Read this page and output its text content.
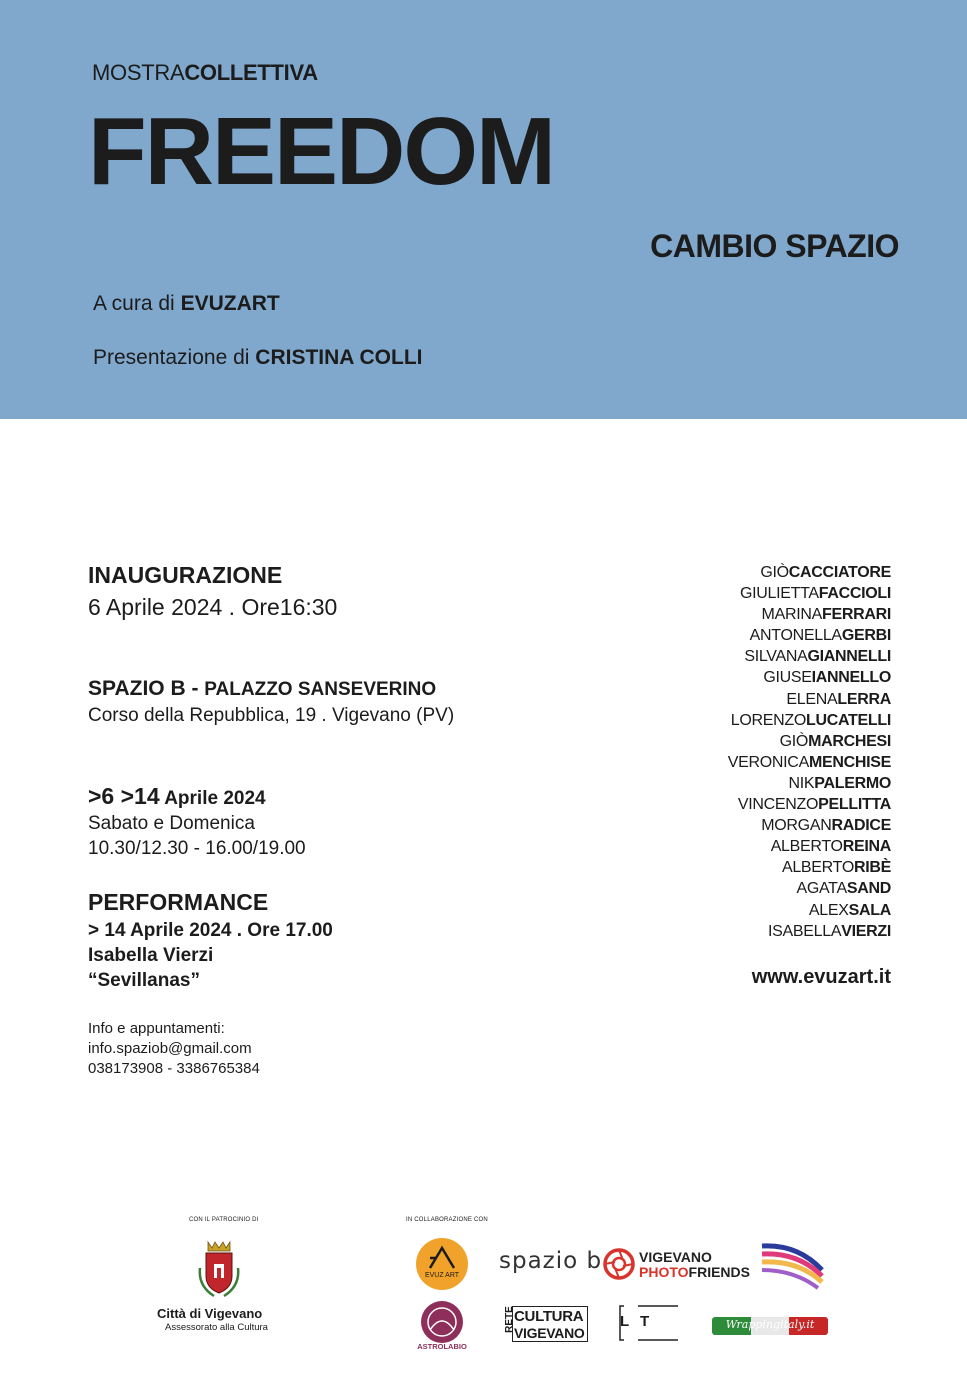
MOSTRACOLLETTIVA
FREEDOM
CAMBIO SPAZIO
A cura di EVUZART
Presentazione di CRISTINA COLLI
INAUGURAZIONE
6 Aprile 2024 . Ore16:30
SPAZIO B - PALAZZO SANSEVERINO
Corso della Repubblica, 19 . Vigevano (PV)
>6 >14 Aprile 2024
Sabato e Domenica
10.30/12.30 - 16.00/19.00
PERFORMANCE
> 14 Aprile 2024 . Ore 17.00
Isabella Vierzi
“Sevillanas”
Info e appuntamenti:
info.spaziob@gmail.com
038173908 - 3386765384
GIÒCACCIATORE
GIULIETTAFACCIOLI
MARINAFERRARI
ANTONELLAGERBI
SILVANAGIANNELLI
GIUSEIANNELLO
ELENALERRA
LORENZOLUCATELLI
GIÒMARCHESI
VERONICAMENCHISE
NIKPALERMO
VINCENZOPELLITTA
MORGANRADICE
ALBERTOREINA
ALBERTORIBÈ
AGATASAND
ALEXSALA
ISABELLAVIERZI
www.evuzart.it
CON IL PATROCINIO DI	IN COLLABORAZIONE CON
Città di Vigevano
Assessorato alla Cultura
EVUZ ART
ASTROLABIO
spazio b	VIGEVANO
PHOTOFRIENDS
RETE CULTURA
VIGEVANO
LT	Wrappingitaly.it
